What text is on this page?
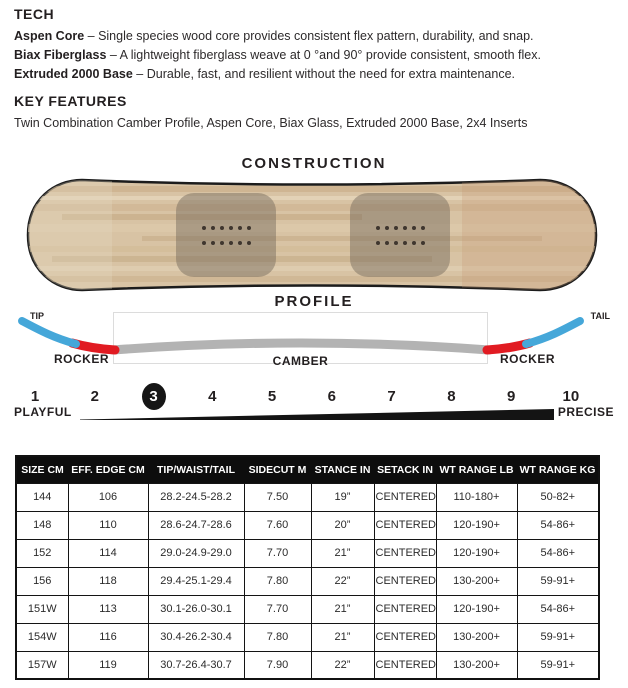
TECH
Aspen Core – Single species wood core provides consistent flex pattern, durability, and snap.
Biax Fiberglass – A lightweight fiberglass weave at 0 °and 90° provide consistent, smooth flex.
Extruded 2000 Base – Durable, fast, and resilient without the need for extra maintenance.
KEY FEATURES
Twin Combination Camber Profile, Aspen Core, Biax Glass, Extruded 2000 Base, 2x4 Inserts
CONSTRUCTION
PROFILE
TIP	TAIL
ROCKER	CAMBER	ROCKER
1	2	3	4	5	6	7	8	9	10
PLAYFUL	PRECISE
SIZE CM	EFF. EDGE CM	TIP/WAIST/TAIL	SIDECUT M	STANCE IN	SETACK IN	WT RANGE LB	WT RANGE KG
144	106	28.2-24.5-28.2	7.50	19”	CENTERED	110-180+	50-82+
148	110	28.6-24.7-28.6	7.60	20”	CENTERED	120-190+	54-86+
152	114	29.0-24.9-29.0	7.70	21”	CENTERED	120-190+	54-86+
156	118	29.4-25.1-29.4	7.80	22”	CENTERED	130-200+	59-91+
151W	113	30.1-26.0-30.1	7.70	21”	CENTERED	120-190+	54-86+
154W	116	30.4-26.2-30.4	7.80	21”	CENTERED	130-200+	59-91+
157W	119	30.7-26.4-30.7	7.90	22”	CENTERED	130-200+	59-91+
